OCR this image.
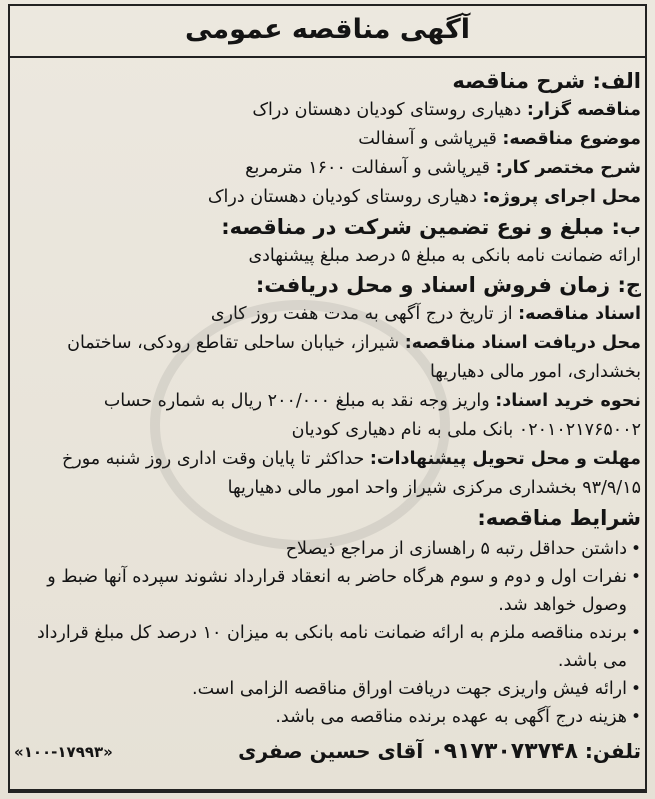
آگهی مناقصه عمومی
الف: شرح مناقصه
مناقصه گزار: دهیاری روستای کودیان دهستان دراک
موضوع مناقصه: قیرپاشی و آسفالت
شرح مختصر کار: قیرپاشی و آسفالت ۱۶۰۰ مترمربع
محل اجرای پروژه: دهیاری روستای کودیان دهستان دراک
ب: مبلغ و نوع تضمین شرکت در مناقصه:
ارائه ضمانت نامه بانکی به مبلغ ۵ درصد مبلغ پیشنهادی
ج: زمان فروش اسناد و محل دریافت:
اسناد مناقصه: از تاریخ درج آگهی به مدت هفت روز کاری
محل دریافت اسناد مناقصه: شیراز، خیابان ساحلی تقاطع رودکی، ساختمان بخشداری، امور مالی دهیاریها
نحوه خرید اسناد: واریز وجه نقد به مبلغ ۲۰۰/۰۰۰ ریال به شماره حساب ۰۲۰۱۰۲۱۷۶۵۰۰۲ بانک ملی به نام دهیاری کودیان
مهلت و محل تحویل پیشنهادات: حداکثر تا پایان وقت اداری روز شنبه مورخ ۹۳/۹/۱۵ بخشداری مرکزی شیراز واحد امور مالی دهیاریها
شرایط مناقصه:
• داشتن حداقل رتبه ۵ راهسازی از مراجع ذیصلاح
• نفرات اول و دوم و سوم هرگاه حاضر به انعقاد قرارداد نشوند سپرده آنها ضبط و وصول خواهد شد.
• برنده مناقصه ملزم به ارائه ضمانت نامه بانکی به میزان ۱۰ درصد کل مبلغ قرارداد می باشد.
• ارائه فیش واریزی جهت دریافت اوراق مناقصه الزامی است.
• هزینه درج آگهی به عهده برنده مناقصه می باشد.
تلفن: ۰۹۱۷۳۰۷۳۷۴۸ آقای حسین صفری
«۱۰۰-۱۷۹۹۳»
